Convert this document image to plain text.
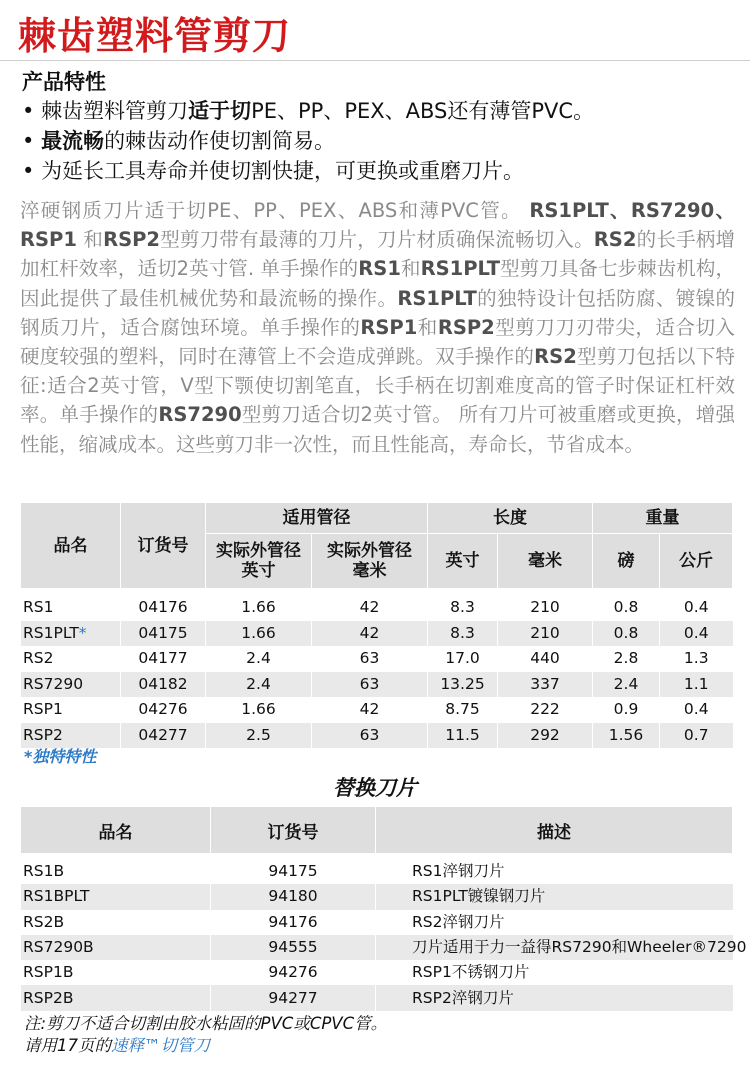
棘齿塑料管剪刀
产品特性
• 棘齿塑料管剪刀适于切PE、PP、PEX、ABS还有薄管PVC。
• 最流畅的棘齿动作使切割简易。
• 为延长工具寿命并使切割快捷，可更换或重磨刀片。
淬硬钢质刀片适于切PE、PP、PEX、ABS和薄PVC管。 RS1PLT、RS7290、RSP1 和RSP2型剪刀带有最薄的刀片，刀片材质确保流畅切入。RS2的长手柄增加杠杆效率，适切2英寸管. 单手操作的RS1和RS1PLT型剪刀具备七步棘齿机构，因此提供了最佳机械优势和最流畅的操作。RS1PLT的独特设计包括防腐、镀镍的钢质刀片，适合腐蚀环境。单手操作的RSP1和RSP2型剪刀刀刃带尖，适合切入硬度较强的塑料，同时在薄管上不会造成弹跳。双手操作的RS2型剪刀包括以下特征:适合2英寸管，V型下颚使切割笔直，长手柄在切割难度高的管子时保证杠杆效率。单手操作的RS7290型剪刀适合切2英寸管。 所有刀片可被重磨或更换，增强性能，缩减成本。这些剪刀非一次性，而且性能高，寿命长，节省成本。
品名	订货号	适用管径		长度		重量	

		实际外管径英寸	实际外管径毫米	英寸	毫米	磅	公斤
RS1	04176	1.66	42	8.3	210	0.8	0.4
RS1PLT*	04175	1.66	42	8.3	210	0.8	0.4
RS2	04177	2.4	63	17.0	440	2.8	1.3
RS7290	04182	2.4	63	13.25	337	2.4	1.1
RSP1	04276	1.66	42	8.75	222	0.9	0.4
RSP2	04277	2.5	63	11.5	292	1.56	0.7
*独特特性
替换刀片
品名	订货号	描述
RS1B	94175	RS1淬钢刀片
RS1BPLT	94180	RS1PLT镀镍钢刀片
RS2B	94176	RS2淬钢刀片
RS7290B	94555	刀片适用于力一益得RS7290和Wheeler®7290
RSP1B	94276	RSP1不锈钢刀片
RSP2B	94277	RSP2淬钢刀片
注:剪刀不适合切割由胶水粘固的PVC或CPVC管。
请用17页的速释™切管刀
